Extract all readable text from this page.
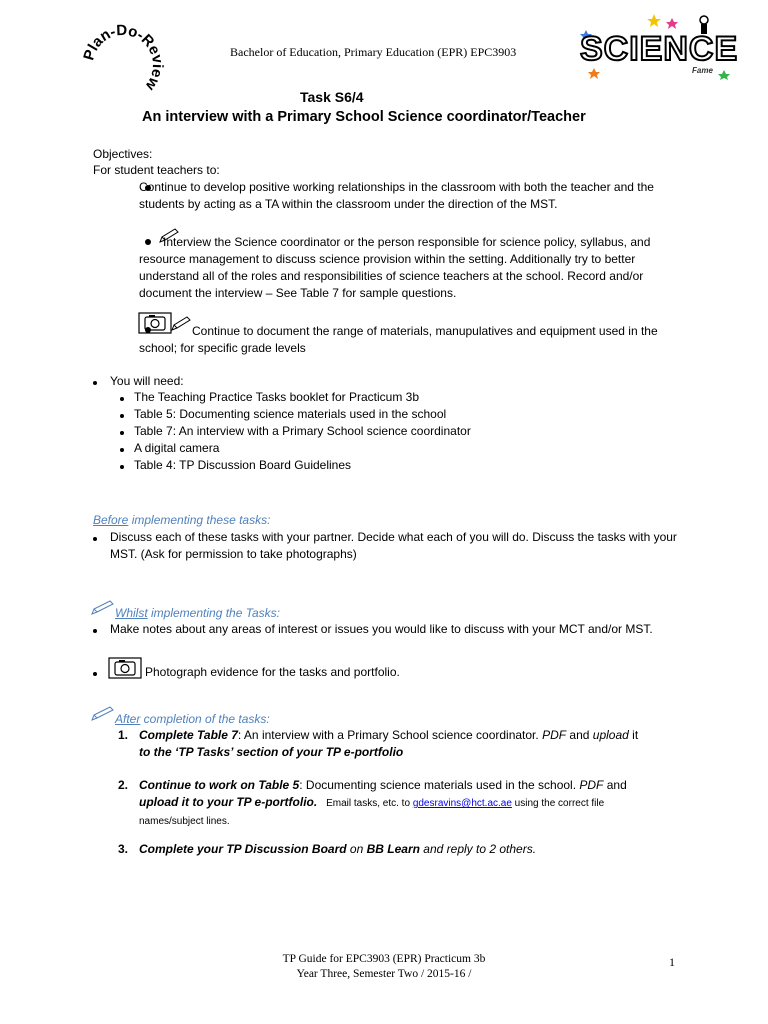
Plan-Do-Review
Bachelor of Education, Primary Education (EPR) EPC3903 SCIENCE
Fame
Task S6/4
An interview with a Primary School Science coordinator/Teacher
Objectives:
For student teachers to:
Continue to develop positive working relationships in the classroom with both the teacher and the students by acting as a TA within the classroom under the direction of the MST.
Interview the Science coordinator or the person responsible for science policy, syllabus, and resource management to discuss science provision within the setting. Additionally try to better understand all of the roles and responsibilities of science teachers at the school. Record and/or document the interview – See Table 7 for sample questions.
Continue to document the range of materials, manupulatives and equipment used in the school; for specific grade levels
You will need:
The Teaching Practice Tasks booklet for Practicum 3b
Table 5: Documenting science materials used in the school
Table 7: An interview with a Primary School science coordinator
A digital camera
Table 4: TP Discussion Board Guidelines
Before implementing these tasks:
Discuss each of these tasks with your partner. Decide what each of you will do. Discuss the tasks with your MST. (Ask for permission to take photographs)
Whilst implementing the Tasks:
Make notes about any areas of interest or issues you would like to discuss with your MCT and/or MST.
Photograph evidence for the tasks and portfolio.
After completion of the tasks:
1. Complete Table 7: An interview with a Primary School science coordinator. PDF and upload it
to the ‘TP Tasks’ section of your TP e-portfolio
2. Continue to work on Table 5: Documenting science materials used in the school. PDF and
upload it to your TP e-portfolio. Email tasks, etc. to gdesravins@hct.ac.ae using the correct file
names/subject lines.
3. Complete your TP Discussion Board on BB Learn and reply to 2 others.
TP Guide for EPC3903 (EPR) Practicum 3b
Year Three, Semester Two / 2015-16 /
1
